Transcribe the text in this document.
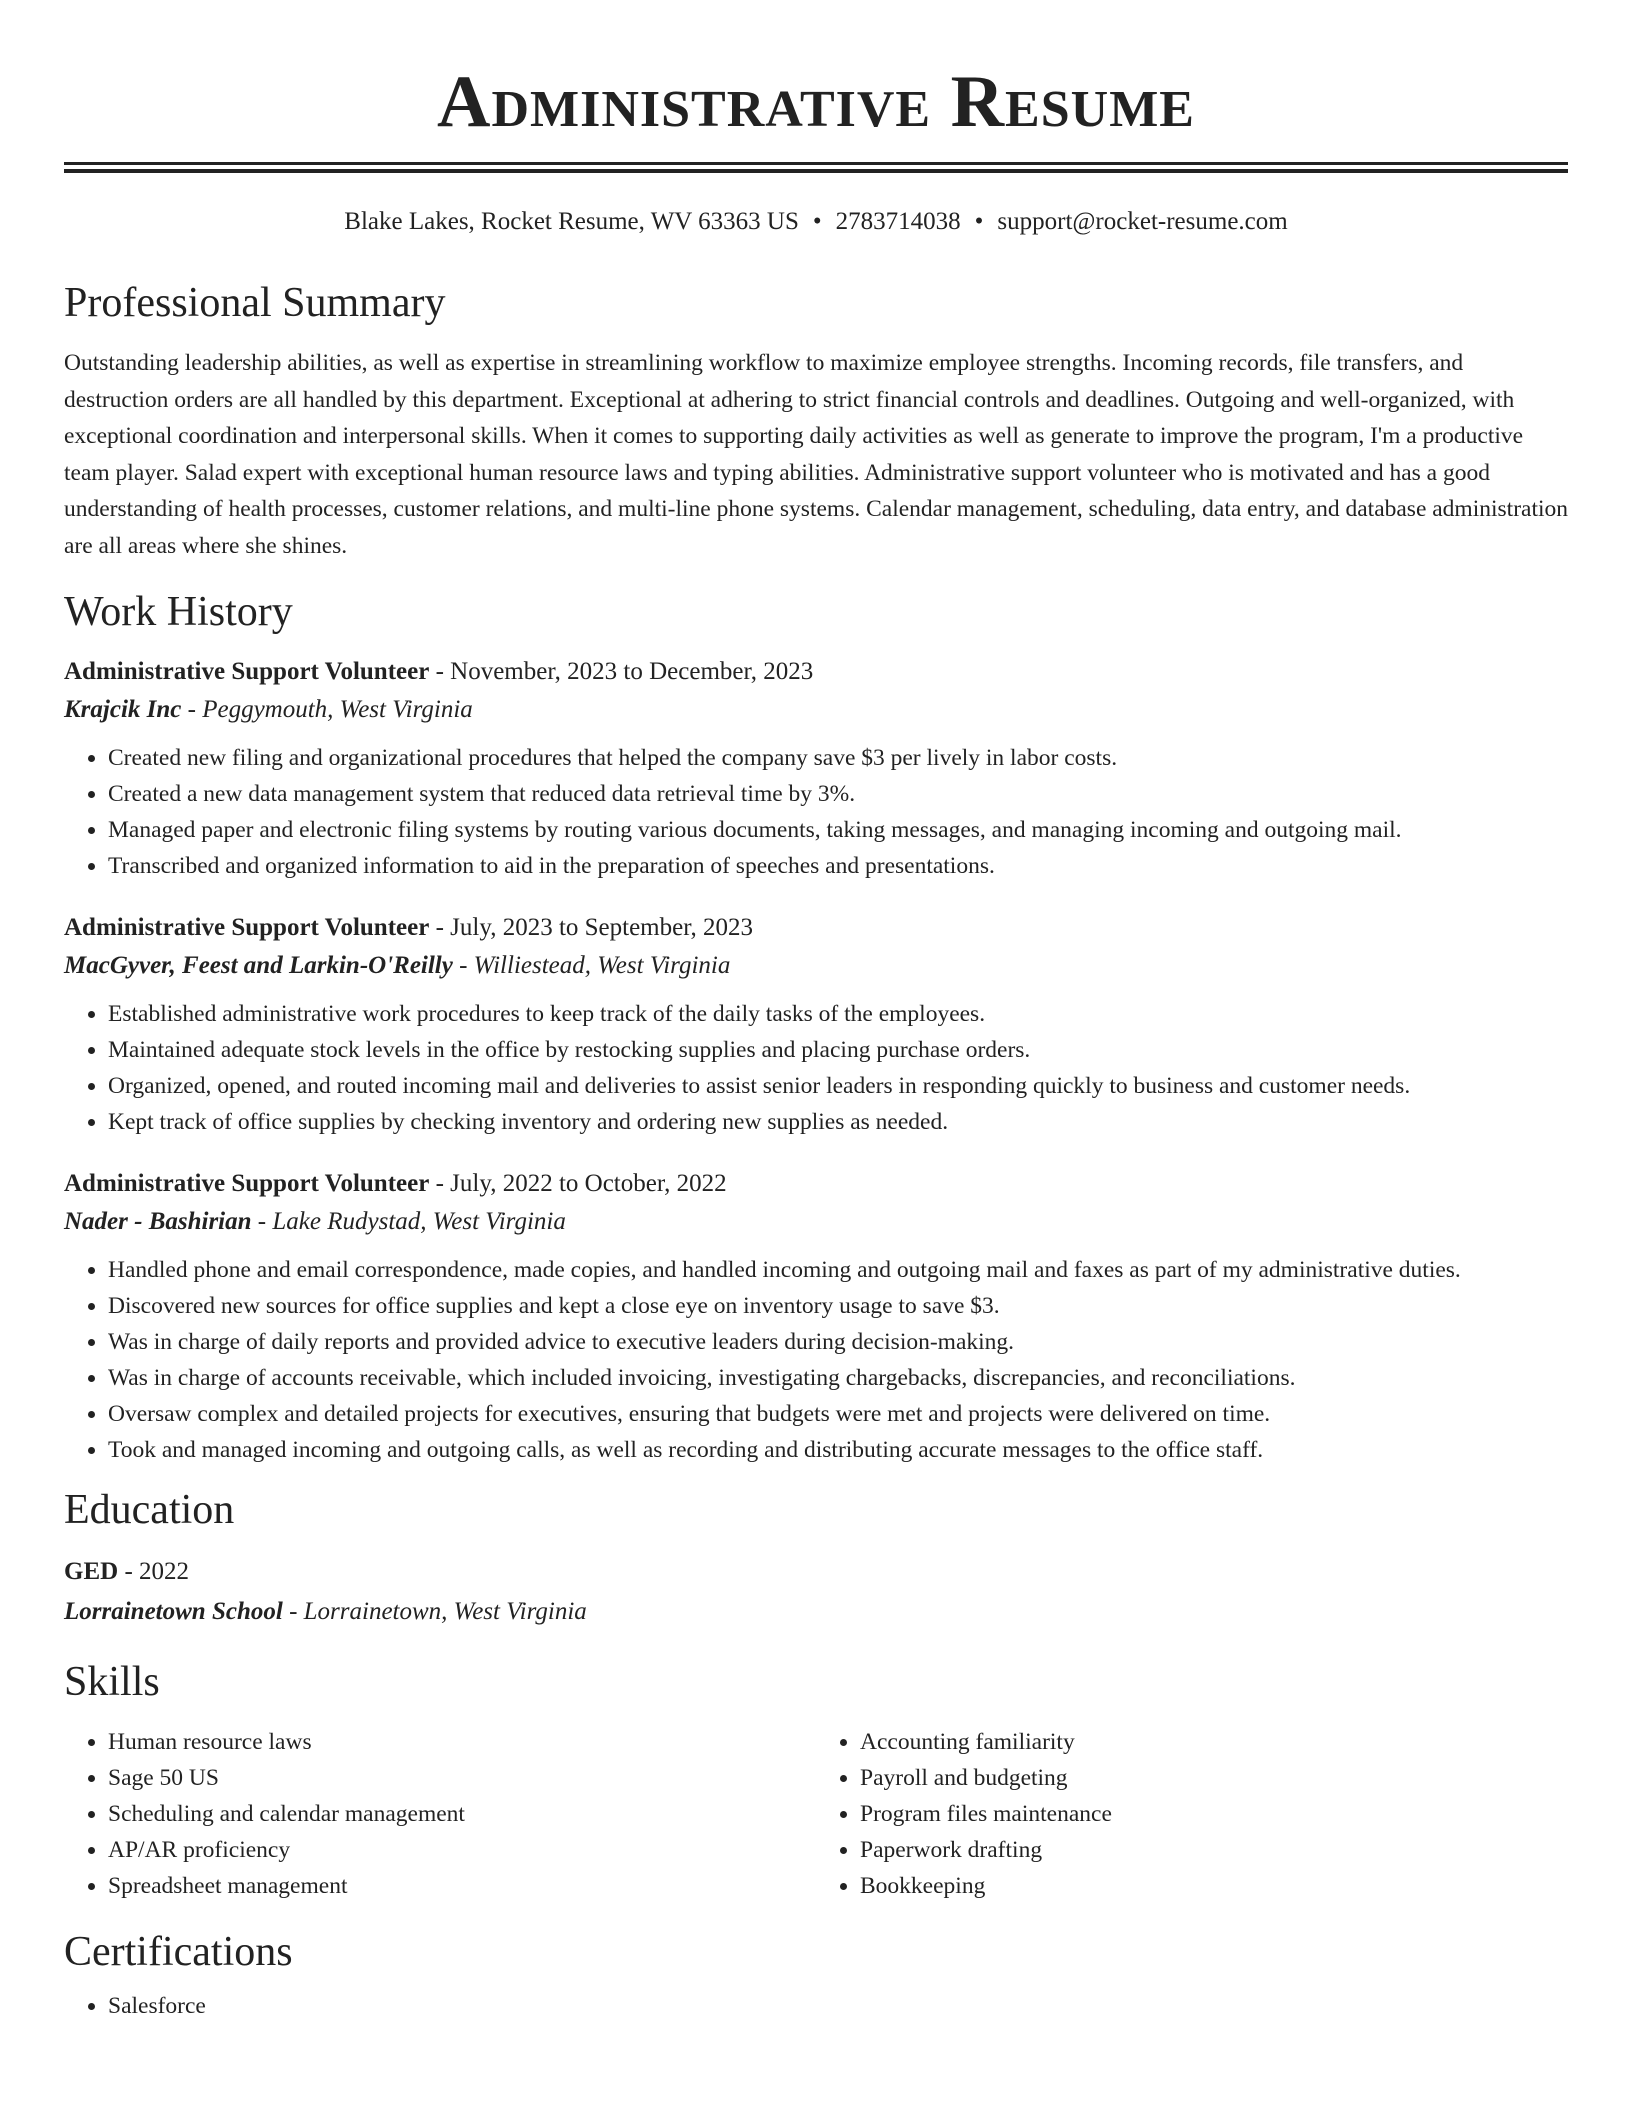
Administrative Resume
Blake Lakes, Rocket Resume, WV 63363 US • 2783714038 • support@rocket-resume.com
Professional Summary
Outstanding leadership abilities, as well as expertise in streamlining workflow to maximize employee strengths. Incoming records, file transfers, and destruction orders are all handled by this department. Exceptional at adhering to strict financial controls and deadlines. Outgoing and well-organized, with exceptional coordination and interpersonal skills. When it comes to supporting daily activities as well as generate to improve the program, I'm a productive team player. Salad expert with exceptional human resource laws and typing abilities. Administrative support volunteer who is motivated and has a good understanding of health processes, customer relations, and multi-line phone systems. Calendar management, scheduling, data entry, and database administration are all areas where she shines.
Work History
Administrative Support Volunteer - November, 2023 to December, 2023
Krajcik Inc - Peggymouth, West Virginia
• Created new filing and organizational procedures that helped the company save $3 per lively in labor costs.
• Created a new data management system that reduced data retrieval time by 3%.
• Managed paper and electronic filing systems by routing various documents, taking messages, and managing incoming and outgoing mail.
• Transcribed and organized information to aid in the preparation of speeches and presentations.
Administrative Support Volunteer - July, 2023 to September, 2023
MacGyver, Feest and Larkin-O'Reilly - Williestead, West Virginia
• Established administrative work procedures to keep track of the daily tasks of the employees.
• Maintained adequate stock levels in the office by restocking supplies and placing purchase orders.
• Organized, opened, and routed incoming mail and deliveries to assist senior leaders in responding quickly to business and customer needs.
• Kept track of office supplies by checking inventory and ordering new supplies as needed.
Administrative Support Volunteer - July, 2022 to October, 2022
Nader - Bashirian - Lake Rudystad, West Virginia
• Handled phone and email correspondence, made copies, and handled incoming and outgoing mail and faxes as part of my administrative duties.
• Discovered new sources for office supplies and kept a close eye on inventory usage to save $3.
• Was in charge of daily reports and provided advice to executive leaders during decision-making.
• Was in charge of accounts receivable, which included invoicing, investigating chargebacks, discrepancies, and reconciliations.
• Oversaw complex and detailed projects for executives, ensuring that budgets were met and projects were delivered on time.
• Took and managed incoming and outgoing calls, as well as recording and distributing accurate messages to the office staff.
Education
GED - 2022
Lorrainetown School - Lorrainetown, West Virginia
Skills
• Human resource laws
• Sage 50 US
• Scheduling and calendar management
• AP/AR proficiency
• Spreadsheet management
• Accounting familiarity
• Payroll and budgeting
• Program files maintenance
• Paperwork drafting
• Bookkeeping
Certifications
• Salesforce
